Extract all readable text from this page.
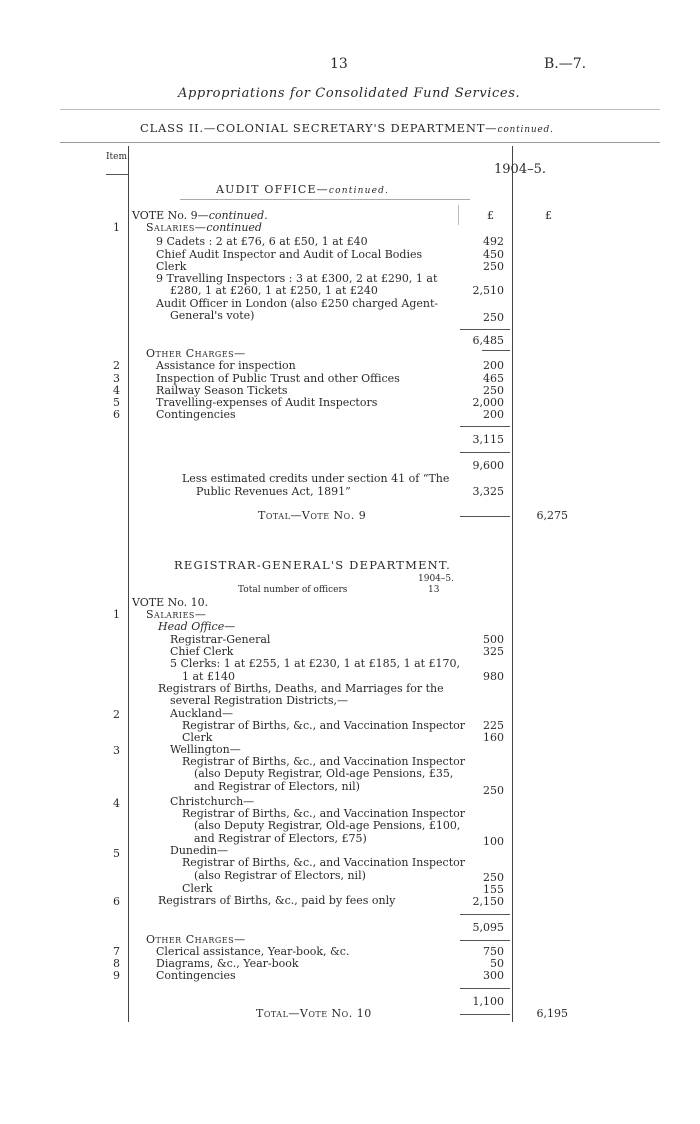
13	B.—7.
Appropriations for Consolidated Fund Services.
CLASS II.—COLONIAL SECRETARY'S DEPARTMENT—continued.
Item.
1904–5.
AUDIT OFFICE—continued.
VOTE No. 9—continued.	£	£
1 Salaries—continued
9 Cadets : 2 at £76, 6 at £50, 1 at £40	492
Chief Audit Inspector and Audit of Local Bodies	450
Clerk	250
9 Travelling Inspectors : 3 at £300, 2 at £290, 1 at
£280, 1 at £260, 1 at £250, 1 at £240	2,510
Audit Officer in London (also £250 charged Agent-
General's vote)	250
6,485
Other Charges—
2	Assistance for inspection	200
3	Inspection of Public Trust and other Offices	465
4	Railway Season Tickets	250
5	Travelling-expenses of Audit Inspectors	2,000
6	Contingencies	200
3,115
9,600
Less estimated credits under section 41 of “The
Public Revenues Act, 1891”	3,325
Total—Vote No. 9	6,275
REGISTRAR-GENERAL'S DEPARTMENT.
1904–5.
Total number of officers	13
VOTE No. 10.
1 Salaries—
Head Office—
Registrar-General	500
Chief Clerk	325
5 Clerks: 1 at £255, 1 at £230, 1 at £185, 1 at £170,
1 at £140	980
Registrars of Births, Deaths, and Marriages for the
several Registration Districts,—
2	Auckland—
Registrar of Births, &c., and Vaccination Inspector	225
Clerk	160
3	Wellington—
Registrar of Births, &c., and Vaccination Inspector
(also Deputy Registrar, Old-age Pensions, £35,
and Registrar of Electors, nil)	250
4	Christchurch—
Registrar of Births, &c., and Vaccination Inspector
(also Deputy Registrar, Old-age Pensions, £100,
and Registrar of Electors, £75)	100
5	Dunedin—
Registrar of Births, &c., and Vaccination Inspector
(also Registrar of Electors, nil)	250
Clerk	155
6	Registrars of Births, &c., paid by fees only	2,150
5,095
Other Charges—
7	Clerical assistance, Year-book, &c.	750
8	Diagrams, &c., Year-book	50
9	Contingencies	300
1,100
Total—Vote No. 10	6,195
